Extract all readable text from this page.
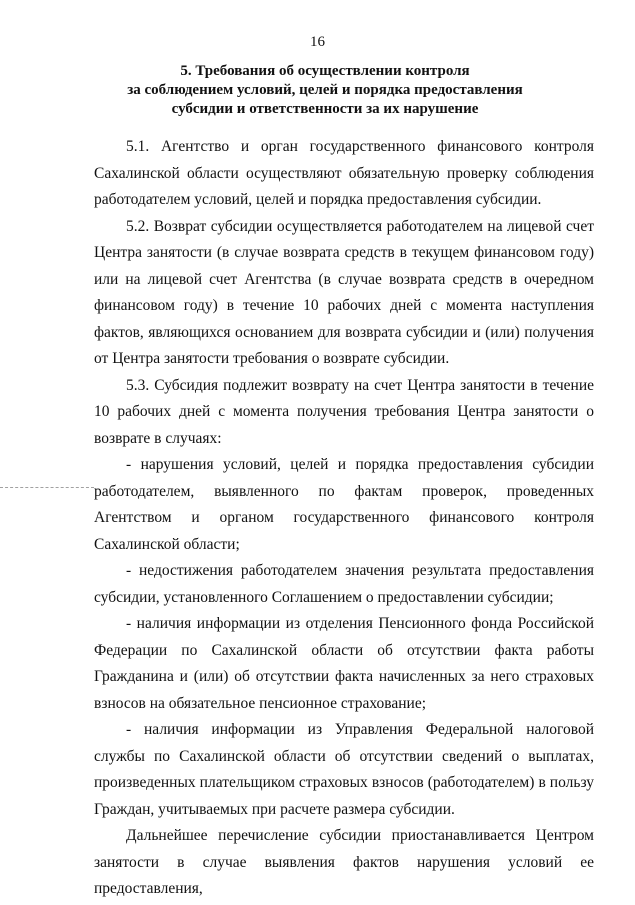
16
5. Требования об осуществлении контроля
за соблюдением условий, целей и порядка предоставления
субсидии и ответственности за их нарушение

5.1. Агентство и орган государственного финансового контроля Сахалинской области осуществляют обязательную проверку соблюдения работодателем условий, целей и порядка предоставления субсидии.

5.2. Возврат субсидии осуществляется работодателем на лицевой счет Центра занятости (в случае возврата средств в текущем финансовом году) или на лицевой счет Агентства (в случае возврата средств в очередном финансовом году) в течение 10 рабочих дней с момента наступления фактов, являющихся основанием для возврата субсидии и (или) получения от Центра занятости требования о возврате субсидии.

5.3. Субсидия подлежит возврату на счет Центра занятости в течение 10 рабочих дней с момента получения требования Центра занятости о возврате в случаях:

- нарушения условий, целей и порядка предоставления субсидии работодателем, выявленного по фактам проверок, проведенных Агентством и органом государственного финансового контроля Сахалинской области;

- недостижения работодателем значения результата предоставления субсидии, установленного Соглашением о предоставлении субсидии;

- наличия информации из отделения Пенсионного фонда Российской Федерации по Сахалинской области об отсутствии факта работы Гражданина и (или) об отсутствии факта начисленных за него страховых взносов на обязательное пенсионное страхование;

- наличия информации из Управления Федеральной налоговой службы по Сахалинской области об отсутствии сведений о выплатах, произведенных плательщиком страховых взносов (работодателем) в пользу Граждан, учитываемых при расчете размера субсидии.

Дальнейшее перечисление субсидии приостанавливается Центром занятости в случае выявления фактов нарушения условий ее предоставления,
